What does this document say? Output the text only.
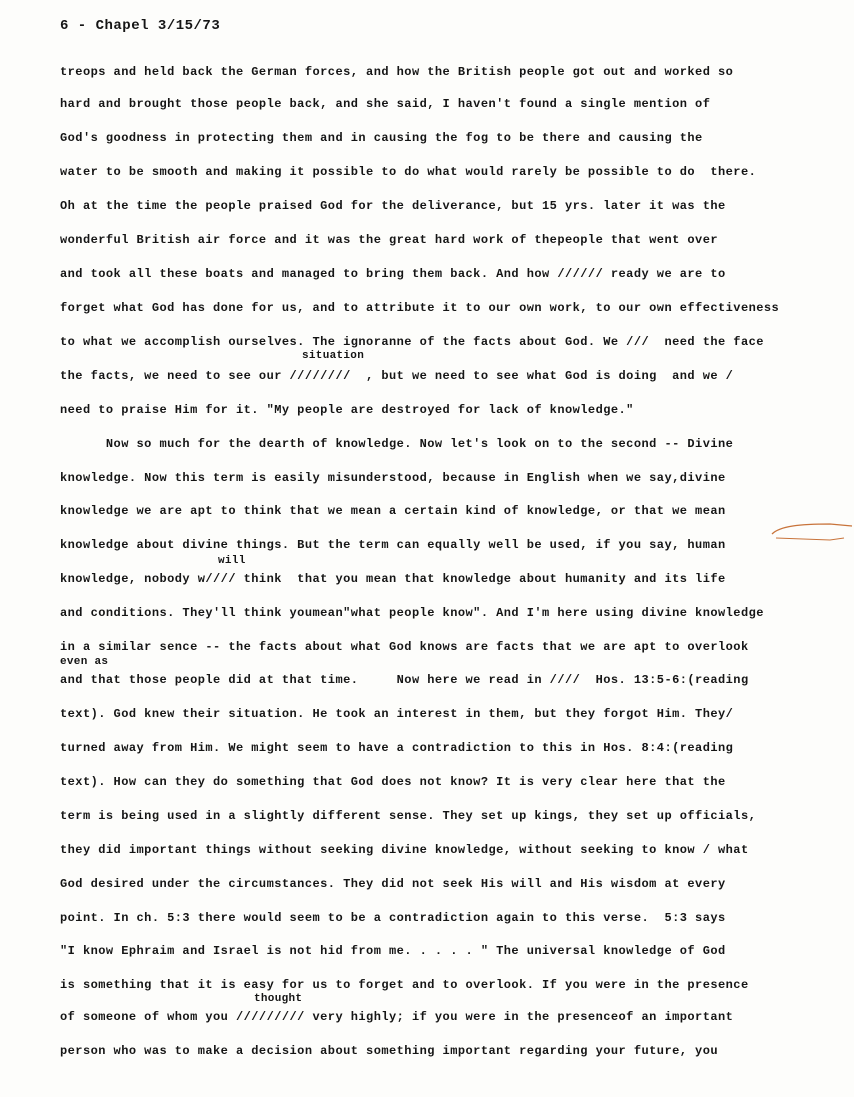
6 - Chapel 3/15/73
treops and held back the German forces, and how the British people got out and worked so
hard and brought those people back, and she said, I haven't found a single mention of
God's goodness in protecting them and in causing the fog to be there and causing the
water to be smooth and making it possible to do what would rarely be possible to do  there.
Oh at the time the people praised God for the deliverance, but 15 yrs. later it was the
wonderful British air force and it was the great hard work of thepeople that went over
and took all these boats and managed to bring them back. And how ////// ready we are to
forget what God has done for us, and to attribute it to our own work, to our own effectiveness
to what we accomplish ourselves. The ignoranne of the facts about God. We ///  need the face
situation
the facts, we need to see our ////////  , but we need to see what God is doing  and we /
need to praise Him for it. "My people are destroyed for lack of knowledge."
Now so much for the dearth of knowledge. Now let's look on to the second -- Divine
knowledge. Now this term is easily misunderstood, because in English when we say,divine
knowledge we are apt to think that we mean a certain kind of knowledge, or that we mean
knowledge about divine things. But the term can equally well be used, if you say, human
will
knowledge, nobody w//// think  that you mean that knowledge about humanity and its life
and conditions. They'll think youmean"what people know". And I'm here using divine knowledge
in a similar sence -- the facts about what God knows are facts that we are apt to overlook
even as
and that those people did at that time.     Now here we read in ////  Hos. 13:5-6:(reading
text). God knew their situation. He took an interest in them, but they forgot Him. They/
turned away from Him. We might seem to have a contradiction to this in Hos. 8:4:(reading
text). How can they do something that God does not know? It is very clear here that the
term is being used in a slightly different sense. They set up kings, they set up officials,
they did important things without seeking divine knowledge, without seeking to know / what
God desired under the circumstances. They did not seek His will and His wisdom at every
point. In ch. 5:3 there would seem to be a contradiction again to this verse.  5:3 says
"I know Ephraim and Israel is not hid from me. . . . . " The universal knowledge of God
is something that it is easy for us to forget and to overlook. If you were in the presence
thought
of someone of whom you ///////// very highly; if you were in the presenceof an important
person who was to make a decision about something important regarding your future, you
